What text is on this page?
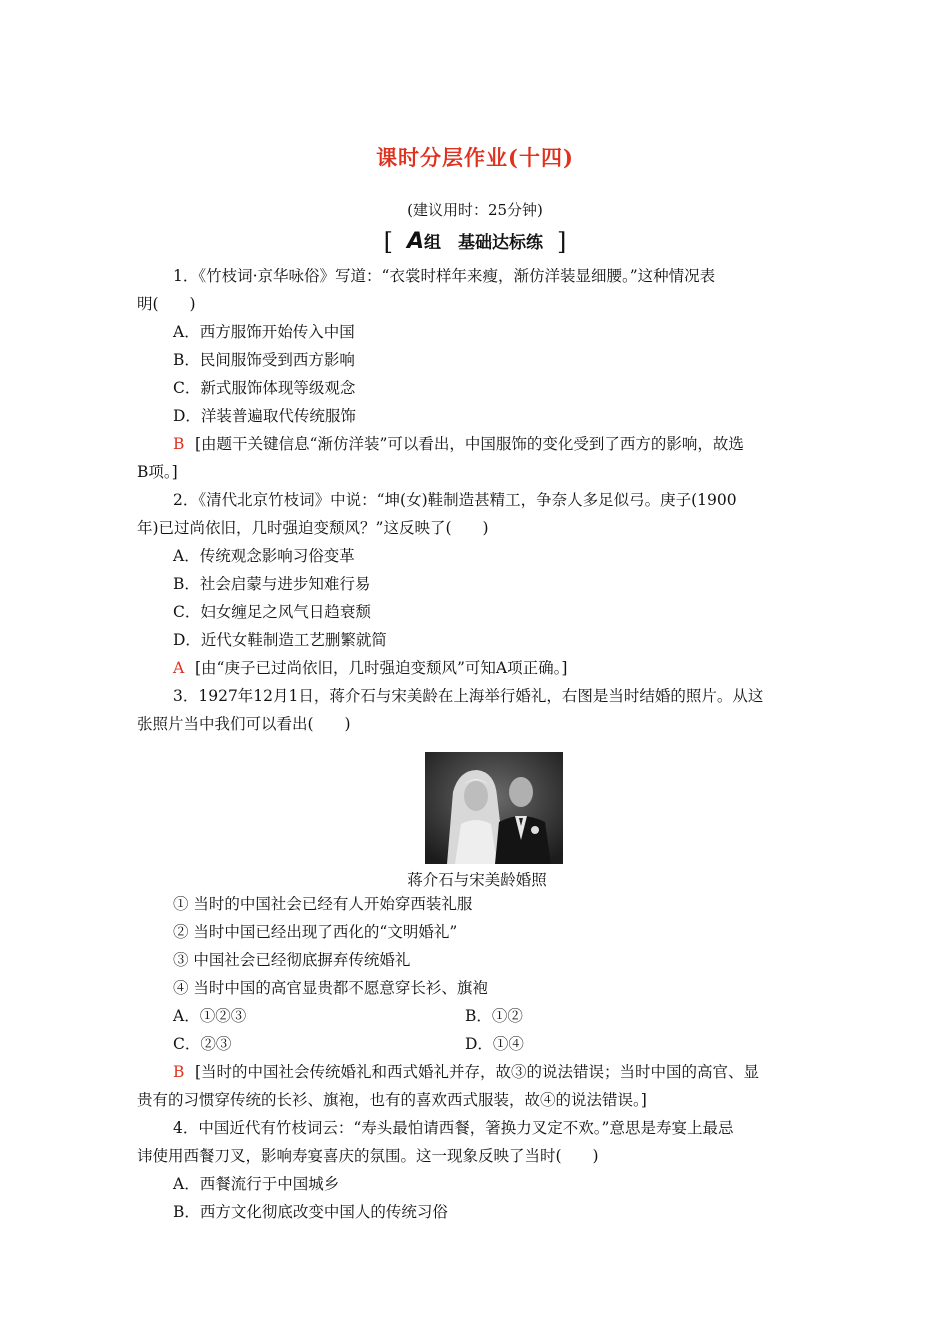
课时分层作业(十四)
(建议用时：25分钟)
[ A组　基础达标练 ]
1．《竹枝词·京华咏俗》写道：“衣裳时样年来瘦，渐仿洋装显细腰。”这种情况表
明(　　)
A．西方服饰开始传入中国
B．民间服饰受到西方影响
C．新式服饰体现等级观念
D．洋装普遍取代传统服饰
B [由题干关键信息“渐仿洋装”可以看出，中国服饰的变化受到了西方的影响，故选
B项。]
2．《清代北京竹枝词》中说：“坤(女)鞋制造甚精工，争奈人多足似弓。庚子(1900
年)已过尚依旧，几时强迫变颓风？”这反映了(　　)
A．传统观念影响习俗变革
B．社会启蒙与进步知难行易
C．妇女缠足之风气日趋衰颓
D．近代女鞋制造工艺删繁就简
A [由“庚子已过尚依旧，几时强迫变颓风”可知A项正确。]
3．1927年12月1日，蒋介石与宋美龄在上海举行婚礼，右图是当时结婚的照片。从这
张照片当中我们可以看出(　　)
蒋介石与宋美龄婚照
① 当时的中国社会已经有人开始穿西装礼服
② 当时中国已经出现了西化的“文明婚礼”
③ 中国社会已经彻底摒弃传统婚礼
④ 当时中国的高官显贵都不愿意穿长衫、旗袍
A．①②③	B．①②
C．②③	D．①④
B [当时的中国社会传统婚礼和西式婚礼并存，故③的说法错误；当时中国的高官、显
贵有的习惯穿传统的长衫、旗袍，也有的喜欢西式服装，故④的说法错误。]
4．中国近代有竹枝词云：“寿头最怕请西餐，箸换力叉定不欢。”意思是寿宴上最忌
讳使用西餐刀叉，影响寿宴喜庆的氛围。这一现象反映了当时(　　)
A．西餐流行于中国城乡
B．西方文化彻底改变中国人的传统习俗
